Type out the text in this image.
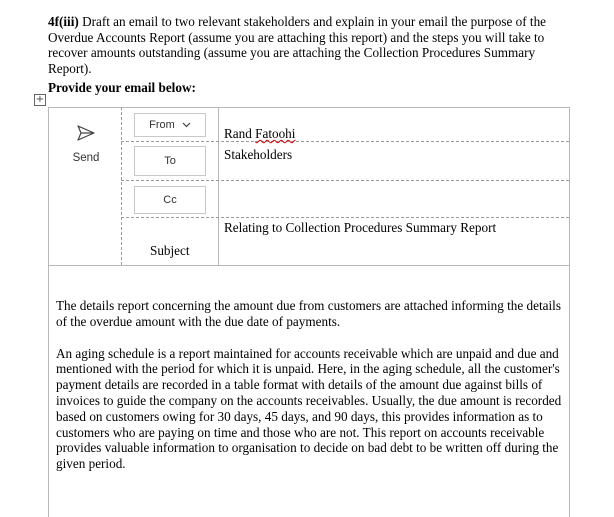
4f(iii) Draft an email to two relevant stakeholders and explain in your email the purpose of the Overdue Accounts Report (assume you are attaching this report) and the steps you will take to recover amounts outstanding (assume you are attaching the Collection Procedures Summary Report).
Provide your email below:
+
Send
From
To
Cc
Subject
Rand Fatoohi
Stakeholders
Relating to Collection Procedures Summary Report

The details report concerning the amount due from customers are attached informing the details of the overdue amount with the due date of payments.

An aging schedule is a report maintained for accounts receivable which are unpaid and due and mentioned with the period for which it is unpaid. Here, in the aging schedule, all the customer's payment details are recorded in a table format with details of the amount due against bills of invoices to guide the company on the accounts receivables. Usually, the due amount is recorded based on customers owing for 30 days, 45 days, and 90 days, this provides information as to customers who are paying on time and those who are not. This report on accounts receivable provides valuable information to organisation to decide on bad debt to be written off during the given period.
